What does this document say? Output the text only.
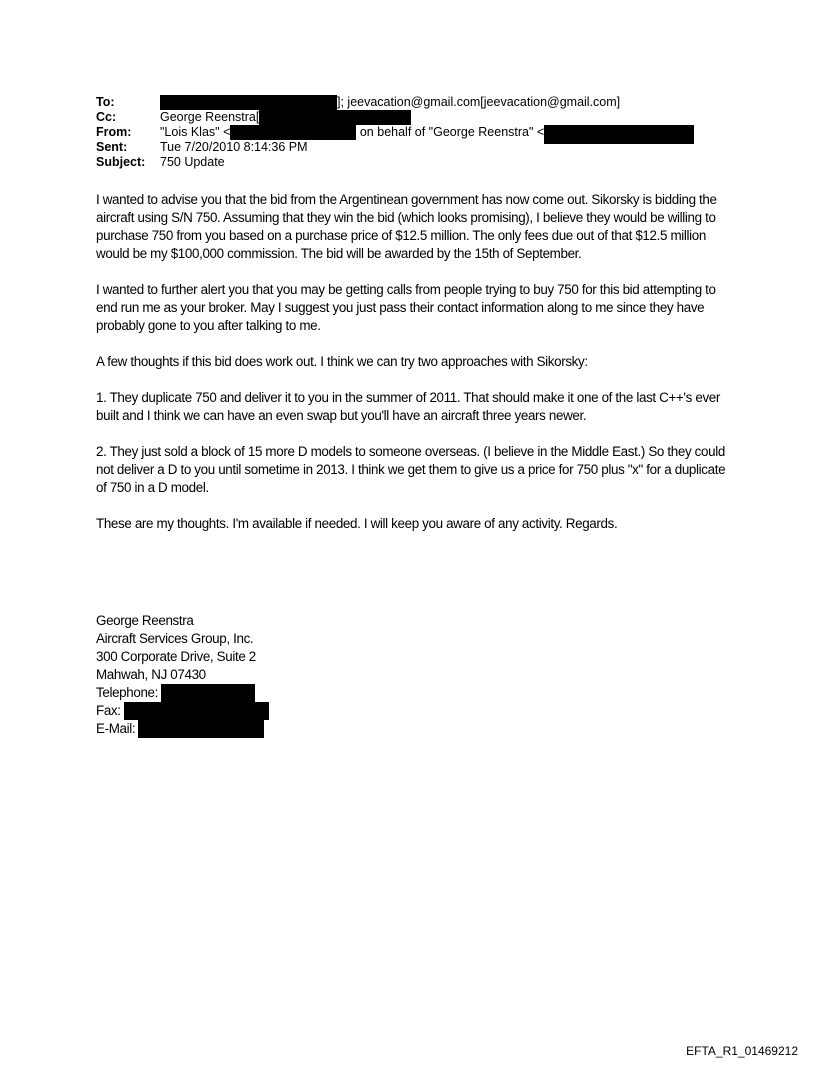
To:	]; jeevacation@gmail.com[jeevacation@gmail.com]
Cc:	George Reenstra[
From: "Lois Klas" <	on behalf of "George Reenstra" <
Sent:	Tue 7/20/2010 8:14:36 PM
Subject: 750 Update

I wanted to advise you that the bid from the Argentinean government has now come out. Sikorsky is bidding the aircraft using S/N 750. Assuming that they win the bid (which looks promising), I believe they would be willing to purchase 750 from you based on a purchase price of $12.5 million. The only fees due out of that $12.5 million would be my $100,000 commission. The bid will be awarded by the 15th of September.

I wanted to further alert you that you may be getting calls from people trying to buy 750 for this bid attempting to end run me as your broker. May I suggest you just pass their contact information along to me since they have probably gone to you after talking to me.

A few thoughts if this bid does work out. I think we can try two approaches with Sikorsky:

1. They duplicate 750 and deliver it to you in the summer of 2011. That should make it one of the last C++'s ever built and I think we can have an even swap but you'll have an aircraft three years newer.

2. They just sold a block of 15 more D models to someone overseas. (I believe in the Middle East.) So they could not deliver a D to you until sometime in 2013. I think we get them to give us a price for 750 plus "x" for a duplicate of 750 in a D model.

These are my thoughts. I'm available if needed. I will keep you aware of any activity. Regards.

George Reenstra
Aircraft Services Group, Inc.
300 Corporate Drive, Suite 2
Mahwah, NJ 07430
Telephone:
Fax:
E-Mail:
EFTA_R1_01469212
